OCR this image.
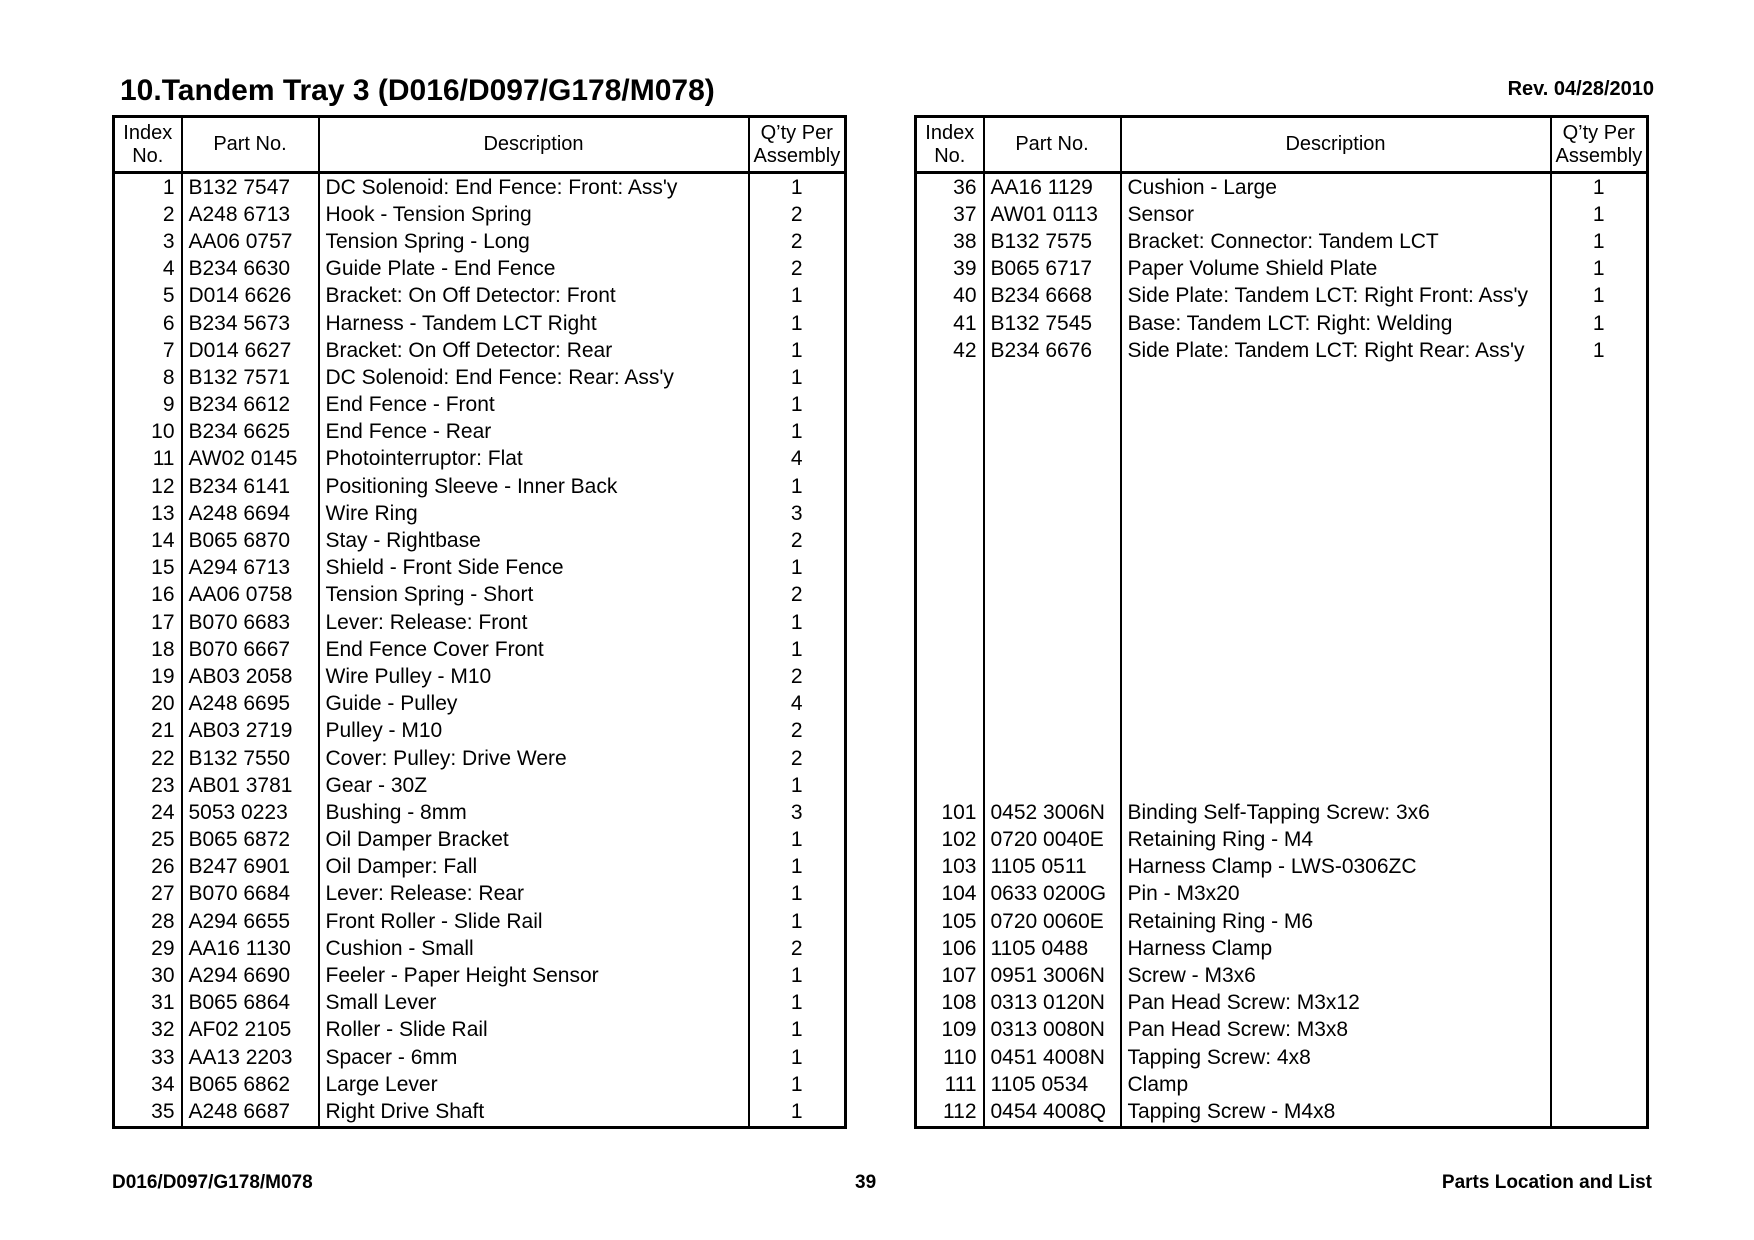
10.Tandem Tray 3 (D016/D097/G178/M078)	Rev. 04/28/2010
Index
No.	Part No.	Description	Q’ty Per
Assembly
1	B132 7547	DC Solenoid: End Fence: Front: Ass'y	1
2	A248 6713	Hook - Tension Spring	2
3	AA06 0757	Tension Spring - Long	2
4	B234 6630	Guide Plate - End Fence	2
5	D014 6626	Bracket: On Off Detector: Front	1
6	B234 5673	Harness - Tandem LCT Right	1
7	D014 6627	Bracket: On Off Detector: Rear	1
8	B132 7571	DC Solenoid: End Fence: Rear: Ass'y	1
9	B234 6612	End Fence - Front	1
10	B234 6625	End Fence - Rear	1
11	AW02 0145	Photointerruptor: Flat	4
12	B234 6141	Positioning Sleeve - Inner Back	1
13	A248 6694	Wire Ring	3
14	B065 6870	Stay - Rightbase	2
15	A294 6713	Shield - Front Side Fence	1
16	AA06 0758	Tension Spring - Short	2
17	B070 6683	Lever: Release: Front	1
18	B070 6667	End Fence Cover Front	1
19	AB03 2058	Wire Pulley - M10	2
20	A248 6695	Guide - Pulley	4
21	AB03 2719	Pulley - M10	2
22	B132 7550	Cover: Pulley: Drive Were	2
23	AB01 3781	Gear - 30Z	1
24	5053 0223	Bushing - 8mm	3
25	B065 6872	Oil Damper Bracket	1
26	B247 6901	Oil Damper: Fall	1
27	B070 6684	Lever: Release: Rear	1
28	A294 6655	Front Roller - Slide Rail	1
29	AA16 1130	Cushion - Small	2
30	A294 6690	Feeler - Paper Height Sensor	1
31	B065 6864	Small Lever	1
32	AF02 2105	Roller - Slide Rail	1
33	AA13 2203	Spacer - 6mm	1
34	B065 6862	Large Lever	1
35	A248 6687	Right Drive Shaft	1
Index
No.	Part No.	Description	Q’ty Per
Assembly
36	AA16 1129	Cushion - Large	1
37	AW01 0113	Sensor	1
38	B132 7575	Bracket: Connector: Tandem LCT	1
39	B065 6717	Paper Volume Shield Plate	1
40	B234 6668	Side Plate: Tandem LCT: Right Front: Ass'y	1
41	B132 7545	Base: Tandem LCT: Right: Welding	1
42	B234 6676	Side Plate: Tandem LCT: Right Rear: Ass'y	1

101	0452 3006N	Binding Self-Tapping Screw: 3x6	
102	0720 0040E	Retaining Ring - M4	
103	1105 0511	Harness Clamp - LWS-0306ZC	
104	0633 0200G	Pin - M3x20	
105	0720 0060E	Retaining Ring - M6	
106	1105 0488	Harness Clamp	
107	0951 3006N	Screw - M3x6	
108	0313 0120N	Pan Head Screw: M3x12	
109	0313 0080N	Pan Head Screw: M3x8	
110	0451 4008N	Tapping Screw: 4x8	
111	1105 0534	Clamp	
112	0454 4008Q	Tapping Screw - M4x8	
D016/D097/G178/M078	39	Parts Location and List
